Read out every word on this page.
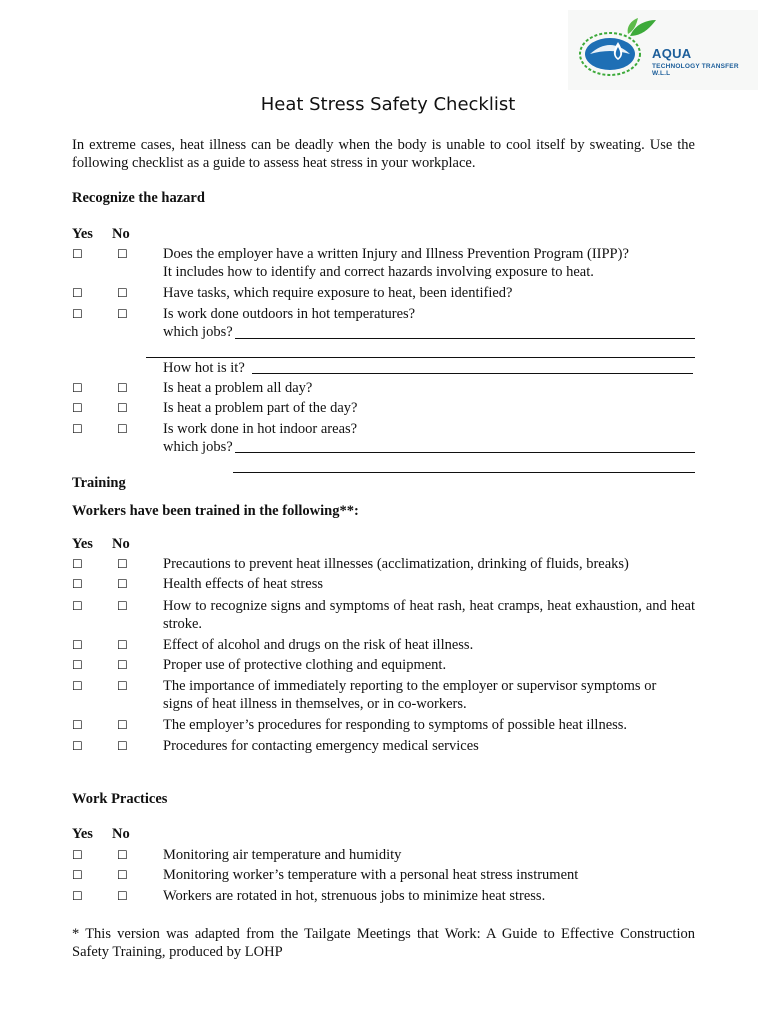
AQUA
TECHNOLOGY TRANSFER W.L.L
Heat Stress Safety Checklist
In extreme cases, heat illness can be deadly when the body is unable to cool itself by sweating. Use the following checklist as a guide to assess heat stress in your workplace.
Recognize the hazard
Yes No
☐	☐ Does the employer have a written Injury and Illness Prevention Program (IIPP)?
It includes how to identify and correct hazards involving exposure to heat.
☐	☐ Have tasks, which require exposure to heat, been identified?
☐	☐ Is work done outdoors in hot temperatures?
which jobs?
How hot is it?
☐	☐ Is heat a problem all day?
☐	☐ Is heat a problem part of the day?
☐	☐ Is work done in hot indoor areas?
which jobs?
Training
Workers have been trained in the following**:
Yes No
☐	☐ Precautions to prevent heat illnesses (acclimatization, drinking of fluids, breaks)
☐	☐ Health effects of heat stress
☐	☐ How to recognize signs and symptoms of heat rash, heat cramps, heat exhaustion, and heat stroke.
☐	☐ Effect of alcohol and drugs on the risk of heat illness.
☐	☐ Proper use of protective clothing and equipment.
☐	☐ The importance of immediately reporting to the employer or supervisor symptoms or signs of heat illness in themselves, or in co-workers.
☐	☐ The employer’s procedures for responding to symptoms of possible heat illness.
☐	☐ Procedures for contacting emergency medical services
Work Practices
Yes No
☐	☐ Monitoring air temperature and humidity
☐	☐ Monitoring worker’s temperature with a personal heat stress instrument
☐	☐ Workers are rotated in hot, strenuous jobs to minimize heat stress.
* This version was adapted from the Tailgate Meetings that Work: A Guide to Effective Construction Safety Training, produced by LOHP
